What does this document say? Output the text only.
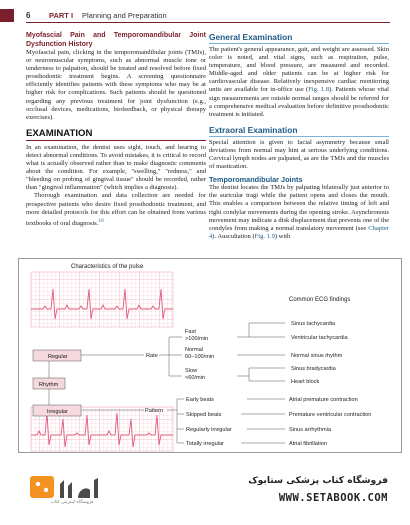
6 PART I Planning and Preparation
Myofascial Pain and Temporomandibular Joint Dysfunction History

Myofascial pain, clicking in the temporomandibular joints (TMJs), or neuromuscular symptoms, such as abnormal muscle tone or tenderness to palpation, should be treated and resolved before fixed prosthodontic treatment begins. A screening questionnaire efficiently identifies patients with these symptoms who may be at higher risk for complications. Such patients should be questioned regarding any previous treatment for joint dysfunction (e.g., occlusal devices, medications, biofeedback, or physical therapy exercises).

EXAMINATION

In an examination, the dentist uses sight, touch, and hearing to detect abnormal conditions. To avoid mistakes, it is critical to record what is actually observed rather than to make diagnostic comments about the condition. For example, "swelling," "redness," and "bleeding on probing of gingival tissue" should be recorded, rather than "gingival inflammation" (which implies a diagnosis).

Thorough examination and data collection are needed for prospective patients who desire fixed prosthodontic treatment, and more detailed protocols for this effort can be obtained from various textbooks of oral diagnosis.$^{16}$

General Examination

The patient's general appearance, gait, and weight are assessed. Skin color is noted, and vital signs, such as respiration, pulse, temperature, and blood pressure, are measured and recorded. Middle-aged and older patients can be at higher risk for cardiovascular disease. Relatively inexpensive cardiac monitoring units are available for in-office use (Fig. 1.8). Patients whose vital sign measurements are outside normal ranges should be referred for a comprehensive medical evaluation before definitive prosthodontic treatment is initiated.

Extraoral Examination

Special attention is given to facial asymmetry because small deviations from normal may hint at serious underlying conditions. Cervical lymph nodes are palpated, as are the TMJs and the muscles of mastication.

Temporomandibular Joints

The dentist locates the TMJs by palpating bilaterally just anterior to the auricular tragi while the patient opens and closes the mouth. This enables a comparison between the relative timing of left and right condylar movements during the opening stroke. Asynchronous movement may indicate a disk displacement that prevents one of the condyles from making a normal translatory movement (see Chapter 4). Auscultation (Fig. 1.9) with

Characteristics of the pulse
Common ECG findings
Regular
Rhythm
Irregular
Rate
Pattern
Fast
>100/min
Normal
60–100/min
Slow
<60/min
Early beats
Skipped beats
Regularly irregular
Totally irregular
Sinus tachycardia
Ventricular tachycardia
Normal sinus rhythm
Sinus bradycardia
Heart block
Atrial premature contraction
Premature ventricular contraction
Sinus arrhythmia
Atrial fibrillation
فروشگاه اینترنتی کتاب
فروشگاه کتاب پزشکی ستابوک
WWW.SETABOOK.COM
